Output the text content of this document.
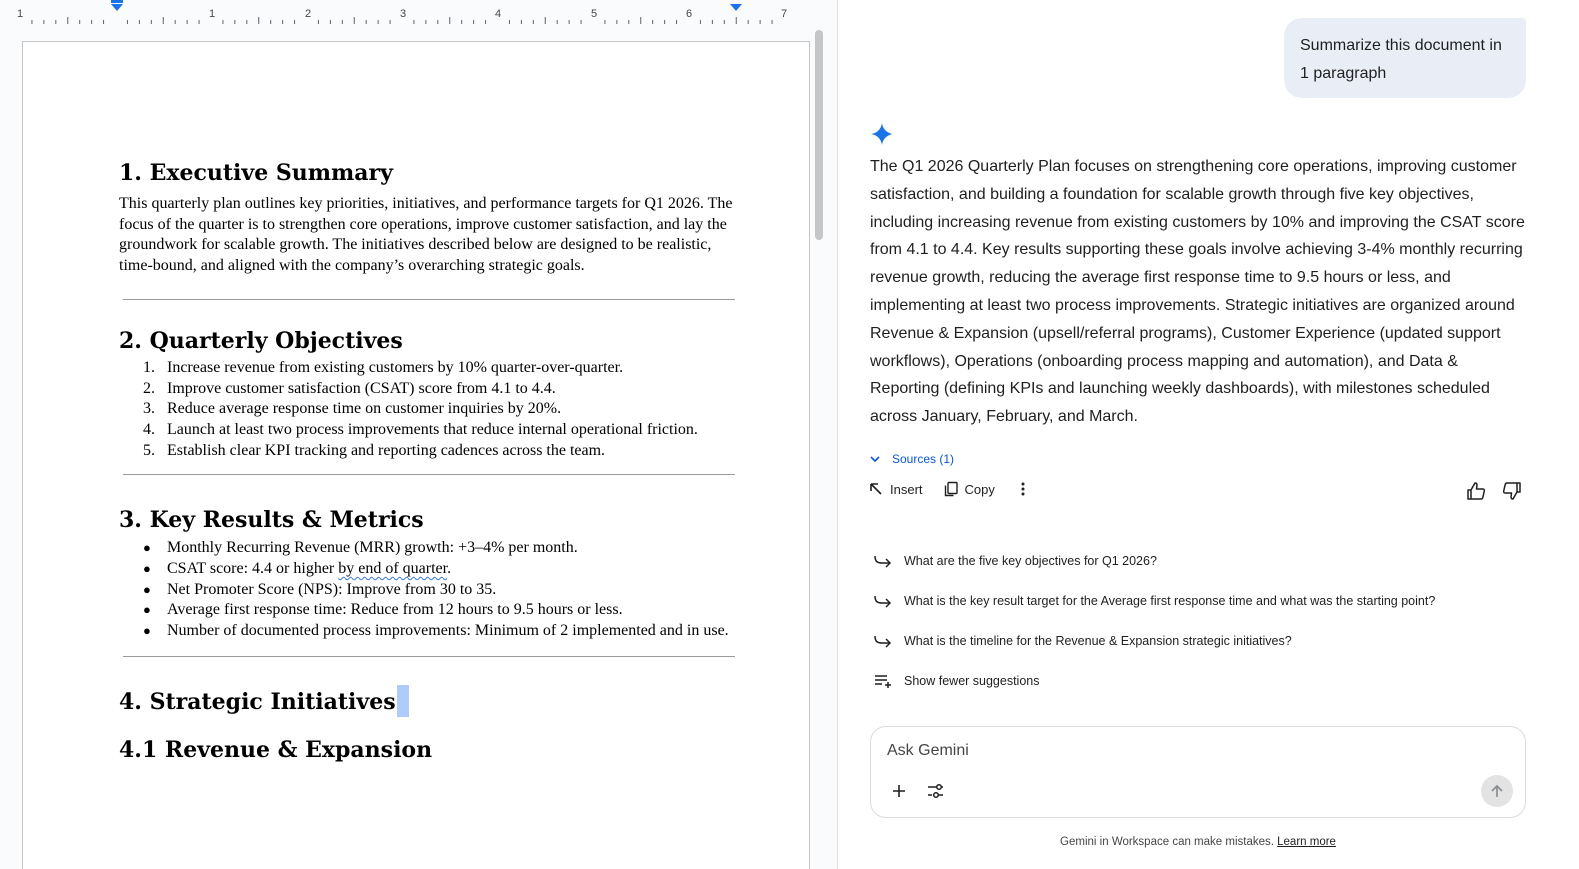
1	1	2	3	4	5	6	7
1. Executive Summary

This quarterly plan outlines key priorities, initiatives, and performance targets for Q1 2026. The focus of the quarter is to strengthen core operations, improve customer satisfaction, and lay the groundwork for scalable growth. The initiatives described below are designed to be realistic, time-bound, and aligned with the company’s overarching strategic goals.

2. Quarterly Objectives
1. Increase revenue from existing customers by 10% quarter-over-quarter.
2. Improve customer satisfaction (CSAT) score from 4.1 to 4.4.
3. Reduce average response time on customer inquiries by 20%.
4. Launch at least two process improvements that reduce internal operational friction.
5. Establish clear KPI tracking and reporting cadences across the team.
3. Key Results & Metrics
● Monthly Recurring Revenue (MRR) growth: +3–4% per month.
● CSAT score: 4.4 or higher by end of quarter.
● Net Promoter Score (NPS): Improve from 30 to 35.
● Average first response time: Reduce from 12 hours to 9.5 hours or less.
● Number of documented process improvements: Minimum of 2 implemented and in use.
4. Strategic Initiatives
4.1 Revenue & Expansion
Summarize this document in 1 paragraph
The Q1 2026 Quarterly Plan focuses on strengthening core operations, improving customer satisfaction, and building a foundation for scalable growth through five key objectives, including increasing revenue from existing customers by 10% and improving the CSAT score from 4.1 to 4.4. Key results supporting these goals involve achieving 3-4% monthly recurring revenue growth, reducing the average first response time to 9.5 hours or less, and implementing at least two process improvements. Strategic initiatives are organized around Revenue & Expansion (upsell/referral programs), Customer Experience (updated support workflows), Operations (onboarding process mapping and automation), and Data & Reporting (defining KPIs and launching weekly dashboards), with milestones scheduled across January, February, and March.
Sources (1)
Insert	Copy
What are the five key objectives for Q1 2026?
What is the key result target for the Average first response time and what was the starting point?
What is the timeline for the Revenue & Expansion strategic initiatives?
Show fewer suggestions
Ask Gemini
Gemini in Workspace can make mistakes. Learn more
